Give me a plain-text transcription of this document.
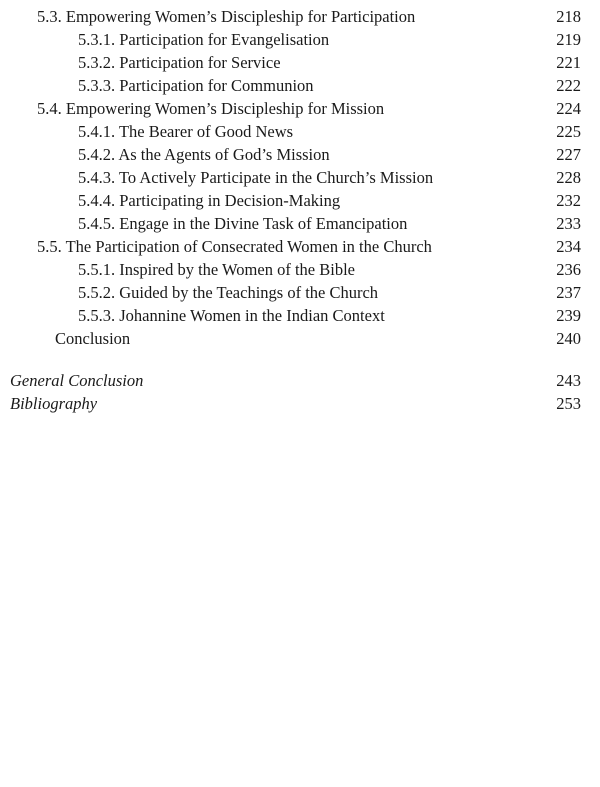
5.3. Empowering Women’s Discipleship for Participation	218
5.3.1. Participation for Evangelisation	219
5.3.2. Participation for Service	221
5.3.3. Participation for Communion	222
5.4. Empowering Women’s Discipleship for Mission	224
5.4.1. The Bearer of Good News	225
5.4.2. As the Agents of God’s Mission	227
5.4.3. To Actively Participate in the Church’s Mission	228
5.4.4. Participating in Decision-Making	232
5.4.5. Engage in the Divine Task of Emancipation	233
5.5. The Participation of Consecrated Women in the Church	234
5.5.1. Inspired by the Women of the Bible	236
5.5.2. Guided by the Teachings of the Church	237
5.5.3. Johannine Women in the Indian Context	239
Conclusion	240
General Conclusion	243
Bibliography	253
